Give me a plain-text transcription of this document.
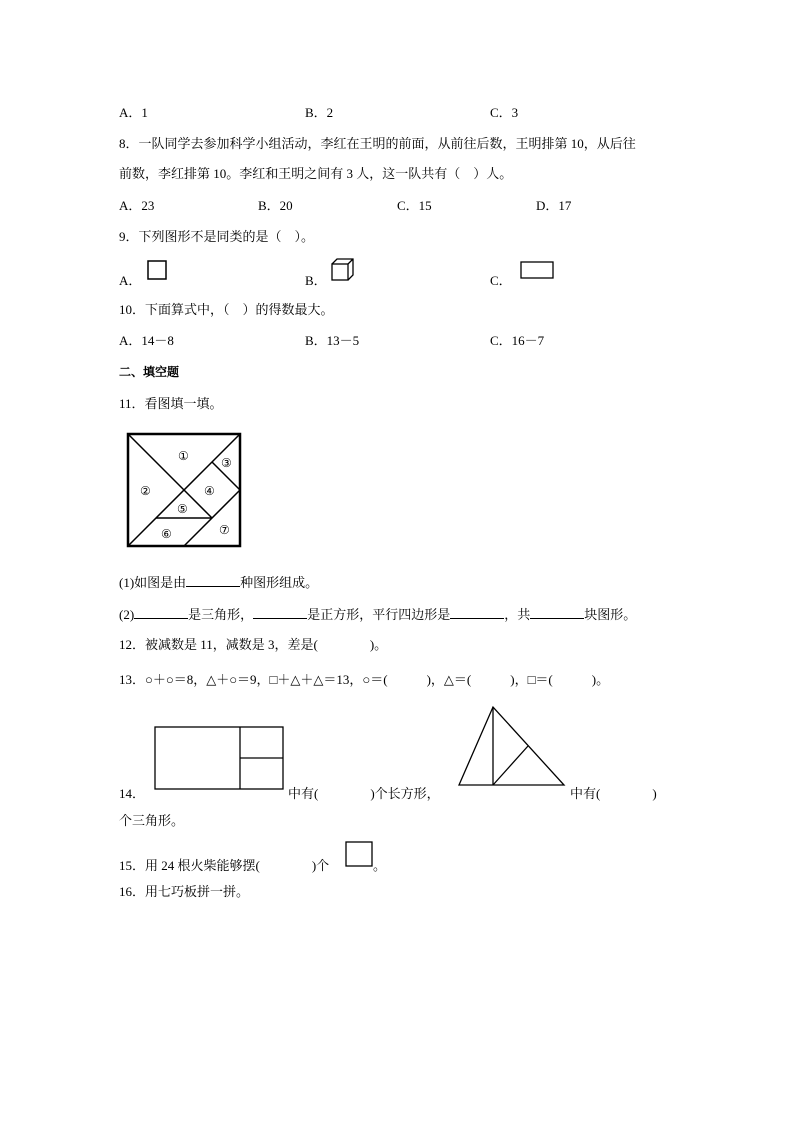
A．1	B．2	C．3
8．一队同学去参加科学小组活动，李红在王明的前面，从前往后数，王明排第 10，从后往
前数，李红排第 10。李红和王明之间有 3 人，这一队共有（　）人。
A．23	B．20	C．15	D．17
9．下列图形不是同类的是（　）。
A．	B．	C．
10．下面算式中，（　）的得数最大。
A．14－8	B．13－5	C．16－7
二、填空题
11．看图填一填。
①
②
③
④
⑤
⑥	⑦
(1)如图是由	种图形组成。
(2)	是三角形，	是正方形，平行四边形是	，共	块图形。
12．被减数是 11，减数是 3，差是(　　　　)。
13．○＋○＝8，△＋○＝9，□＋△＋△＝13，○＝(　　　)，△＝(　　　)，□＝(　　　)。
14．	中有(　　　　)个长方形，	中有(　　　　)
个三角形。
15．用 24 根火柴能够摆(　　　　)个	。
16．用七巧板拼一拼。
